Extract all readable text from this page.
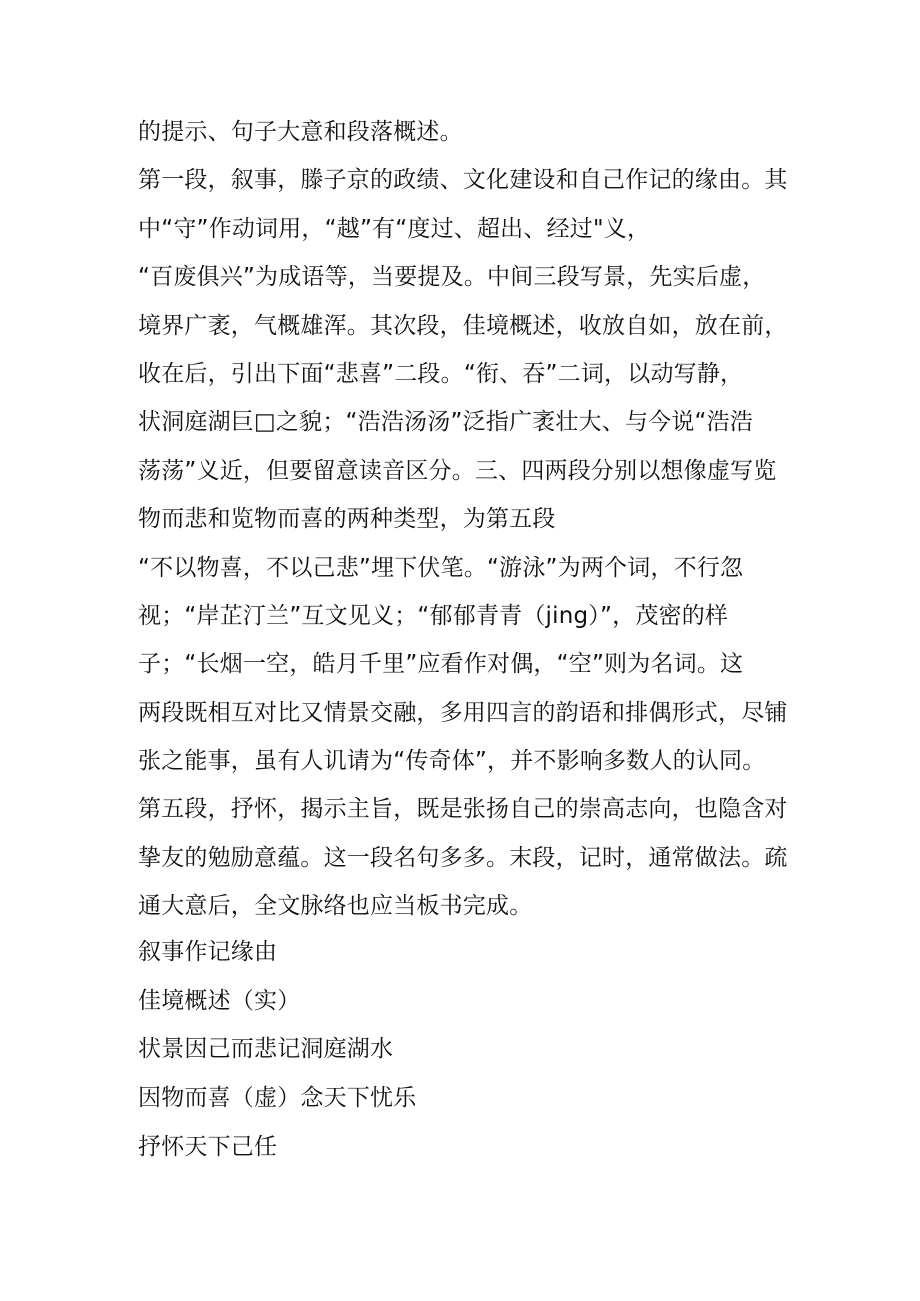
的提示、句子大意和段落概述。
第一段，叙事，滕子京的政绩、文化建设和自己作记的缘由。其
中“守”作动词用，“越”有“度过、超出、经过"义，
“百废俱兴”为成语等，当要提及。中间三段写景，先实后虚，
境界广袤，气概雄浑。其次段，佳境概述，收放自如，放在前，
收在后，引出下面“悲喜”二段。“衔、吞”二词，以动写静，
状洞庭湖巨□之貌；“浩浩汤汤”泛指广袤壮大、与今说“浩浩
荡荡”义近，但要留意读音区分。三、四两段分别以想像虚写览
物而悲和览物而喜的两种类型，为第五段
“不以物喜，不以己悲”埋下伏笔。“游泳”为两个词，不行忽
视；“岸芷汀兰”互文见义；“郁郁青青（jing）”，茂密的样
子；“长烟一空，皓月千里”应看作对偶，“空”则为名词。这
两段既相互对比又情景交融，多用四言的韵语和排偶形式，尽铺
张之能事，虽有人讥请为“传奇体”，并不影响多数人的认同。
第五段，抒怀，揭示主旨，既是张扬自己的崇高志向，也隐含对
挚友的勉励意蕴。这一段名句多多。末段，记时，通常做法。疏
通大意后，全文脉络也应当板书完成。
叙事作记缘由
佳境概述（实）
状景因己而悲记洞庭湖水
因物而喜（虚）念天下忧乐
抒怀天下己任
